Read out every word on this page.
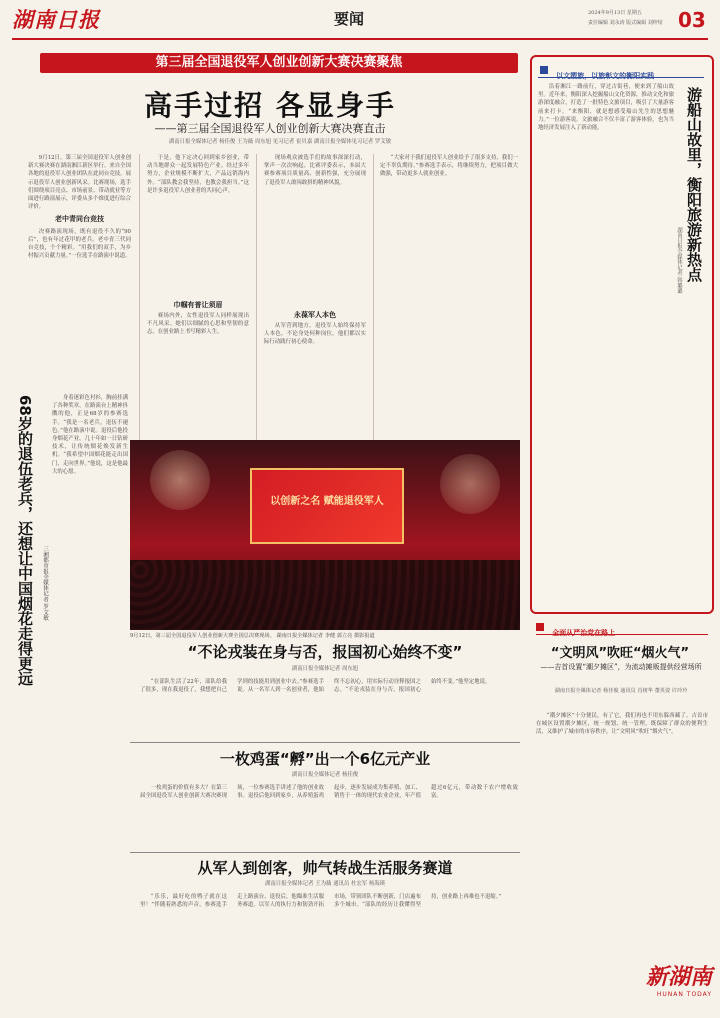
湖南日报	要闻	2024年9月13日 星期五
责任编辑 刘永涛 版式编辑 刘梓煊 03
第三届全国退役军人创业创新大赛决赛聚焦
高手过招 各显身手
——第三届全国退役军人创业创新大赛决赛直击
湖南日报全媒体记者 杨佳俊 王为薇 周东旭 见习记者 崔贝嘉 湖南日报全媒体见习记者 罗艾敏

9月12日，第三届全国退役军人创业创新大赛决赛在湖南湘江新区举行。来自全国各地的退役军人创业团队在此同台竞技，展示退役军人创业创新风采。比赛现场，选手们围绕项目亮点、市场前景、带动就业等方面进行路演展示，评委从多个维度进行综合评价。

老中青同台竞技

决赛路演现场，既有退役不久的“90后”，也有年过花甲的老兵。老中青三代同台竞技，个个精彩。“用我们的双手，为乡村振兴贡献力量。”一位选手在路演中说道。

于是，他下定决心回到家乡创业，带动当地群众一起发展特色产业。经过多年努力，企业规模不断扩大，产品远销海内外。“部队教会我坚持，也教会我担当。”这是许多退役军人创业者的共同心声。

巾帼有普让须眉

赛场内外，女性退役军人同样展现出不凡风采。她们以细腻的心思和坚韧的意志，在创业路上书写精彩人生。

现场观众被选手们的故事深深打动，掌声一次次响起。比赛评委表示，本届大赛参赛项目质量高、创新性强，充分展现了退役军人敢闯敢拼的精神风貌。

永葆军人本色

从军营到地方，退役军人始终保持军人本色。不论身处何种岗位，他们都以实际行动践行初心使命。

“大家对于我们退役军人创业给予了很多支持，我们一定不辜负期待。”参赛选手表示，将继续努力，把项目做大做强，带动更多人就业创业。

68岁的退伍老兵，还想让中国烟花走得更远	三湘都市报全媒体记者 罗艾敏

身着迷彩色衬衫，胸前挂满了各种奖章，在路演台上精神抖擞的他，正是68岁的参赛选手。“我是一名老兵，退伍不褪色。”他在路演中说。退役后他投身烟花产业，几十年如一日钻研技术，让传统烟花焕发新生机。“我希望中国烟花能走出国门，走向世界。”他说，这是他最大的心愿。

以创新之名 赋能退役军人
9月12日，第三届全国退役军人创业创新大赛全国总决赛现场。 湖南日报全媒体记者 李健 郭立亮 摄影报道
“不论戎装在身与否，报国初心始终不变”
湖南日报全媒体记者 周东旭

“在部队生活了22年，部队给我了很多，现在我退役了，我想把自己学到的技能用到创业中去。”参赛选手说。从一名军人到一名创业者，他始终不忘初心，用实际行动诠释报国之志。“不论戎装在身与否，报国初心始终不变。”他坚定地说。

一枚鸡蛋“孵”出一个6亿元产业
湖南日报全媒体记者 杨佳俊

一枚鸡蛋的价值有多大？在第三届全国退役军人创业创新大赛决赛现场，一位参赛选手讲述了他的创业故事。退役后他回到家乡，从养殖蛋鸡起步，逐步发展成为集养殖、加工、销售于一体的现代农业企业，年产值超过6亿元，带动数千农户增收致富。

从军人到创客，帅气转战生活服务赛道
湖南日报全媒体记者 王为薇 通讯员 杜宏军 杨海瑛

“乐乐，最好吃的鸭子就在这里！”伴随着熟悉的声音，参赛选手走上路演台。退役后，他瞄准生活服务赛道，以军人的执行力和韧劲开拓市场，带领团队不断创新，门店遍布多个城市。“部队的经历让我懂得坚持，创业路上再难也不退缩。”

以文塑旅，以旅彰文的衡阳实践

沿着湘江一路前行，穿过古街巷，便来到了船山故里。近年来，衡阳深入挖掘船山文化资源，推动文化和旅游深度融合，打造了一批特色文旅项目，吸引了大量游客前来打卡。“来衡阳，就是想感受船山先生的思想魅力。”一位游客说。文旅融合不仅丰富了游客体验，也为当地经济发展注入了新动能。	游船山故里，衡阳旅游新热点
湖南日报全媒体记者 韩璐璐
全面从严治党在路上
“文明风”吹旺“烟火气”
——吉首设置“潮夕摊区”，为流动摊贩提供经营场所
湖南日报全媒体记者 杨佳俊 通讯员 肖树华 董英姿 许玲玲

“潮夕摊区”十分便民，有了它，我们再也不用东躲西藏了。吉首市在城区设置潮夕摊区，统一规划、统一管理，既保障了群众的便利生活，又维护了城市的市容秩序，让“文明风”吹旺“烟火气”。

新湖南
HUNAN TODAY
